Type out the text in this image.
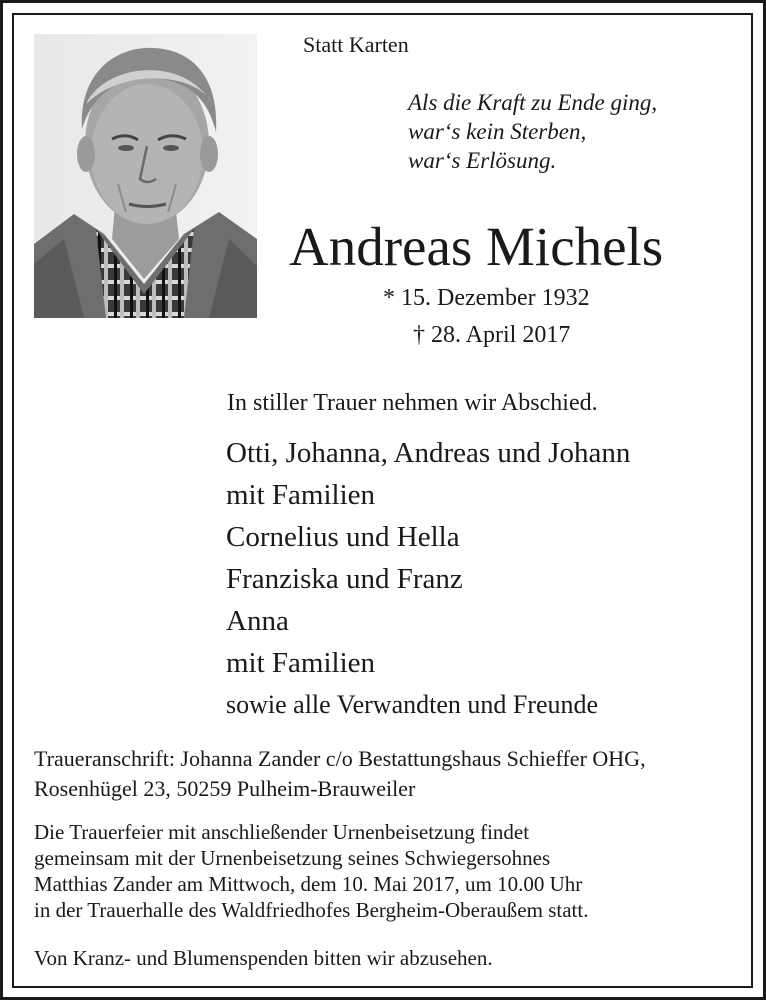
Statt Karten
Als die Kraft zu Ende ging,
war‘s kein Sterben,
war‘s Erlösung.
Andreas Michels
* 15. Dezember 1932
† 28. April 2017
In stiller Trauer nehmen wir Abschied.
Otti, Johanna, Andreas und Johann
mit Familien
Cornelius und Hella
Franziska und Franz
Anna
mit Familien
sowie alle Verwandten und Freunde
Traueranschrift: Johanna Zander c/o Bestattungshaus Schieffer OHG,
Rosenhügel 23, 50259 Pulheim-Brauweiler
Die Trauerfeier mit anschließender Urnenbeisetzung findet
gemeinsam mit der Urnenbeisetzung seines Schwiegersohnes
Matthias Zander am Mittwoch, dem 10. Mai 2017, um 10.00 Uhr
in der Trauerhalle des Waldfriedhofes Bergheim-Oberaußem statt.
Von Kranz- und Blumenspenden bitten wir abzusehen.
